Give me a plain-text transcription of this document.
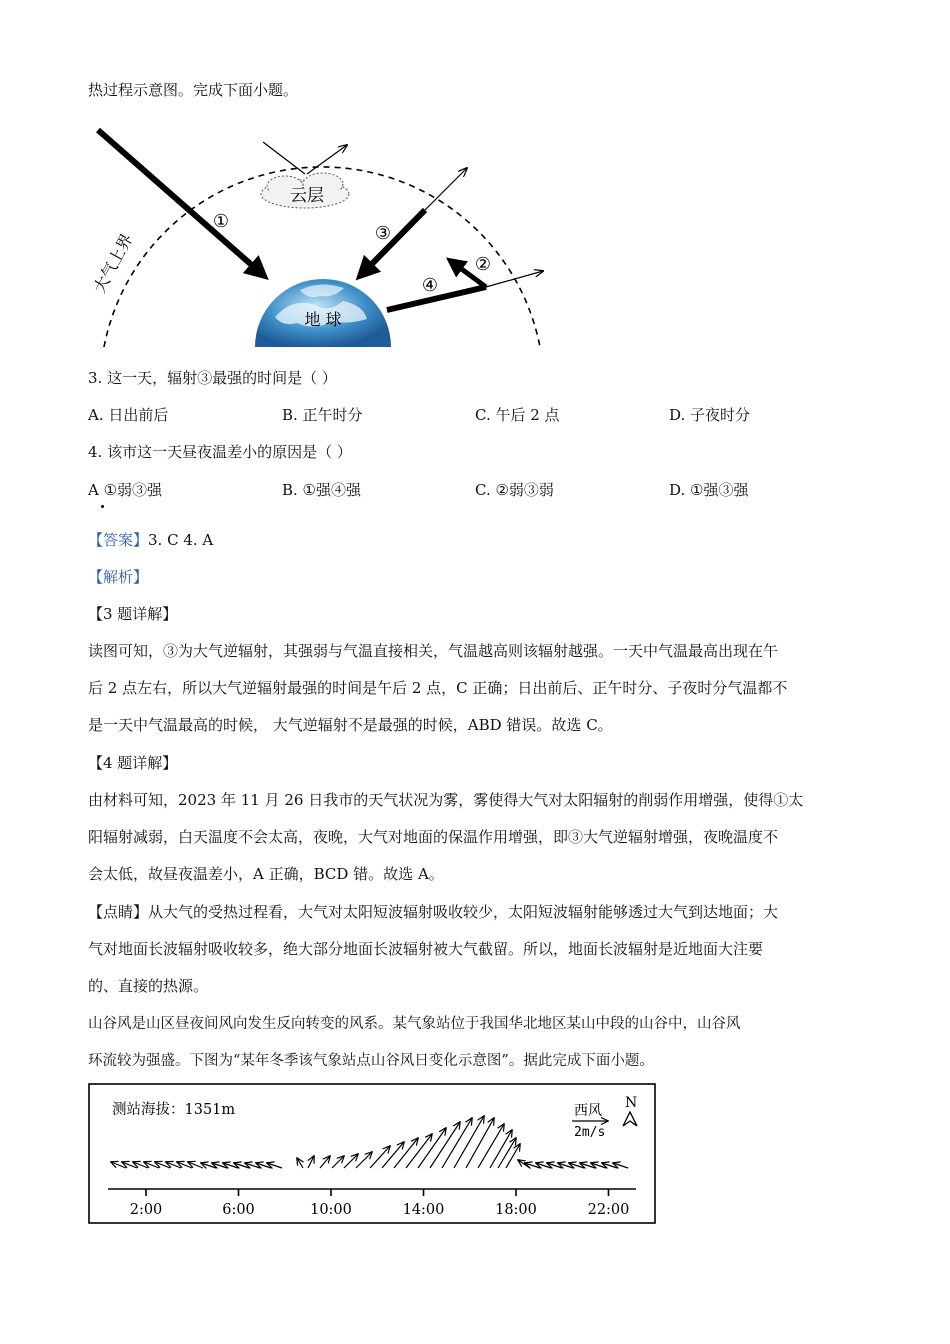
热过程示意图。完成下面小题。
地 球
云层
①
③
④
②
大气上界
3. 这一天，辐射③最强的时间是（ ）
A. 日出前后	B. 正午时分	C. 午后 2 点	D. 子夜时分
4. 该市这一天昼夜温差小的原因是（ ）
A ①弱③强	B. ①强④强	C. ②弱③弱	D. ①强③强
【答案】3. C 4. A
【解析】
【3 题详解】
读图可知，③为大气逆辐射，其强弱与气温直接相关，气温越高则该辐射越强。一天中气温最高出现在午
后 2 点左右，所以大气逆辐射最强的时间是午后 2 点，C 正确；日出前后、正午时分、子夜时分气温都不
是一天中气温最高的时候， 大气逆辐射不是最强的时候，ABD 错误。故选 C。
【4 题详解】
由材料可知，2023 年 11 月 26 日我市的天气状况为雾，雾使得大气对太阳辐射的削弱作用增强，使得①太
阳辐射减弱，白天温度不会太高，夜晚，大气对地面的保温作用增强，即③大气逆辐射增强，夜晚温度不
会太低，故昼夜温差小，A 正确，BCD 错。故选 A。
【点睛】从大气的受热过程看，大气对太阳短波辐射吸收较少，太阳短波辐射能够透过大气到达地面；大
气对地面长波辐射吸收较多，绝大部分地面长波辐射被大气截留。所以，地面长波辐射是近地面大注要
的、直接的热源。
山谷风是山区昼夜间风向发生反向转变的风系。某气象站位于我国华北地区某山中段的山谷中，山谷风
环流较为强盛。下图为“某年冬季该气象站点山谷风日变化示意图”。据此完成下面小题。
测站海拔：1351m	西风
2m/s
N
2:00	6:00	10:00	14:00	18:00	22:00
